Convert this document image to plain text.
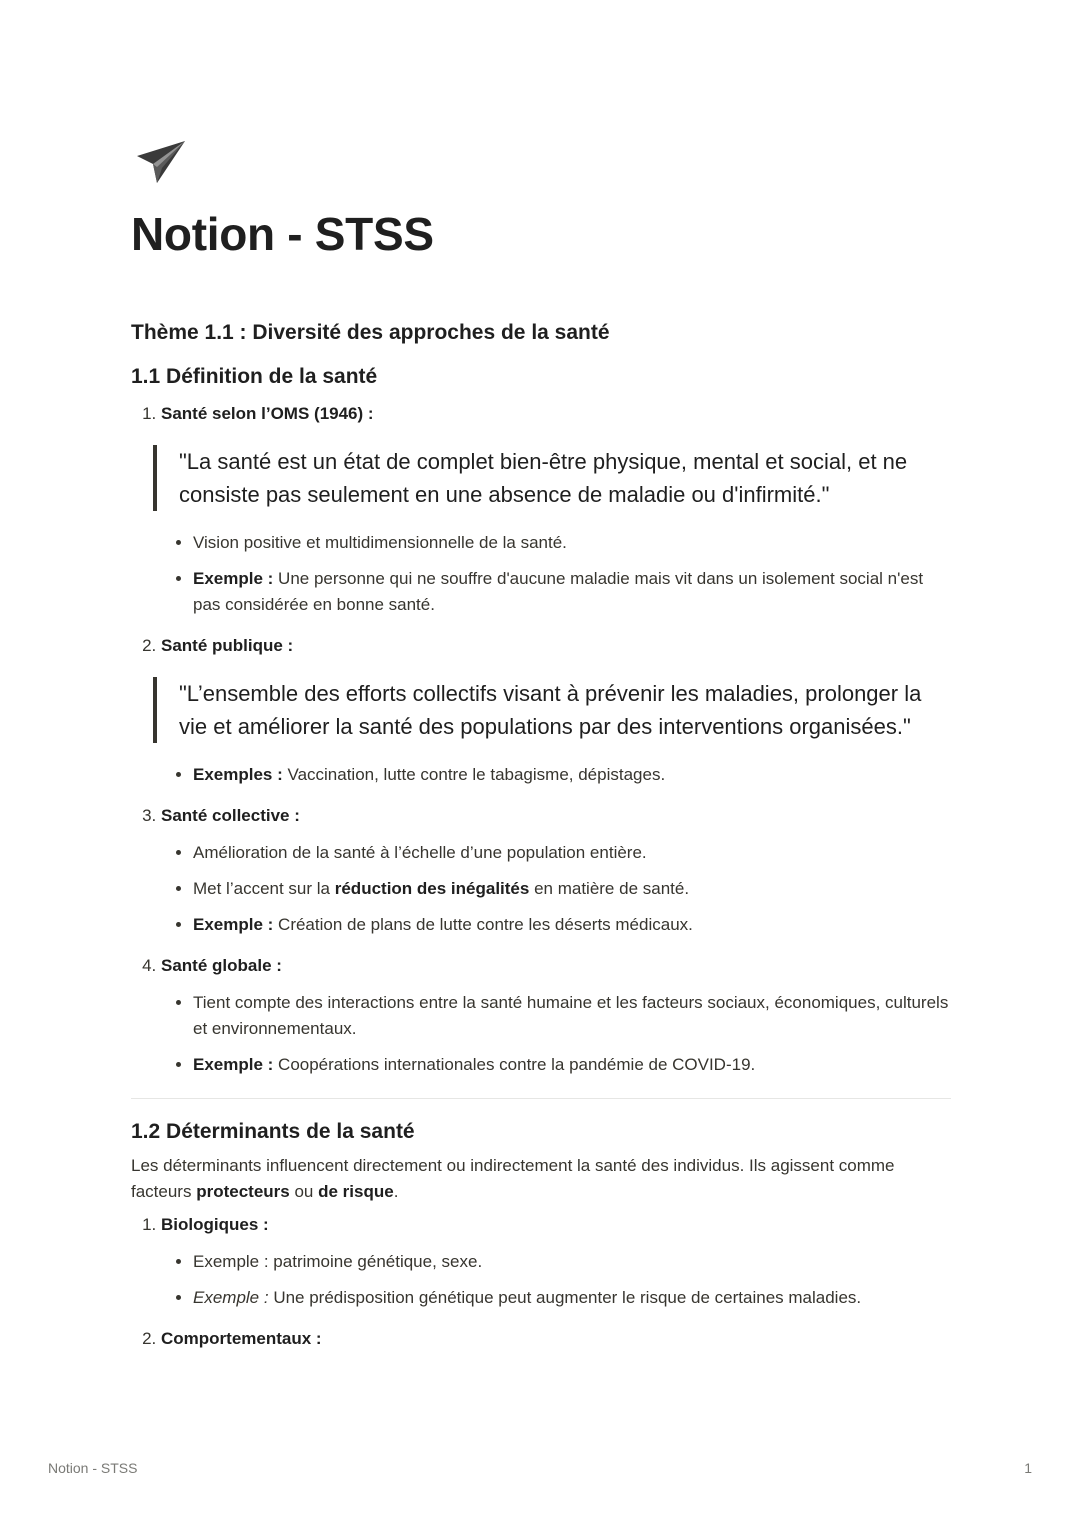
Notion - STSS
Thème 1.1 : Diversité des approches de la santé
1.1 Définition de la santé
1. Santé selon l’OMS (1946) :
"La santé est un état de complet bien-être physique, mental et social, et ne consiste pas seulement en une absence de maladie ou d'infirmité."
• Vision positive et multidimensionnelle de la santé.
• Exemple : Une personne qui ne souffre d'aucune maladie mais vit dans un isolement social n'est pas considérée en bonne santé.
2. Santé publique :
"L’ensemble des efforts collectifs visant à prévenir les maladies, prolonger la vie et améliorer la santé des populations par des interventions organisées."
• Exemples : Vaccination, lutte contre le tabagisme, dépistages.
3. Santé collective :
• Amélioration de la santé à l’échelle d’une population entière.
• Met l’accent sur la réduction des inégalités en matière de santé.
• Exemple : Création de plans de lutte contre les déserts médicaux.
4. Santé globale :
• Tient compte des interactions entre la santé humaine et les facteurs sociaux, économiques, culturels et environnementaux.
• Exemple : Coopérations internationales contre la pandémie de COVID-19.
1.2 Déterminants de la santé

Les déterminants influencent directement ou indirectement la santé des individus. Ils agissent comme facteurs protecteurs ou de risque.

1. Biologiques :
• Exemple : patrimoine génétique, sexe.
• Exemple : Une prédisposition génétique peut augmenter le risque de certaines maladies.
2. Comportementaux :
Notion - STSS	1
